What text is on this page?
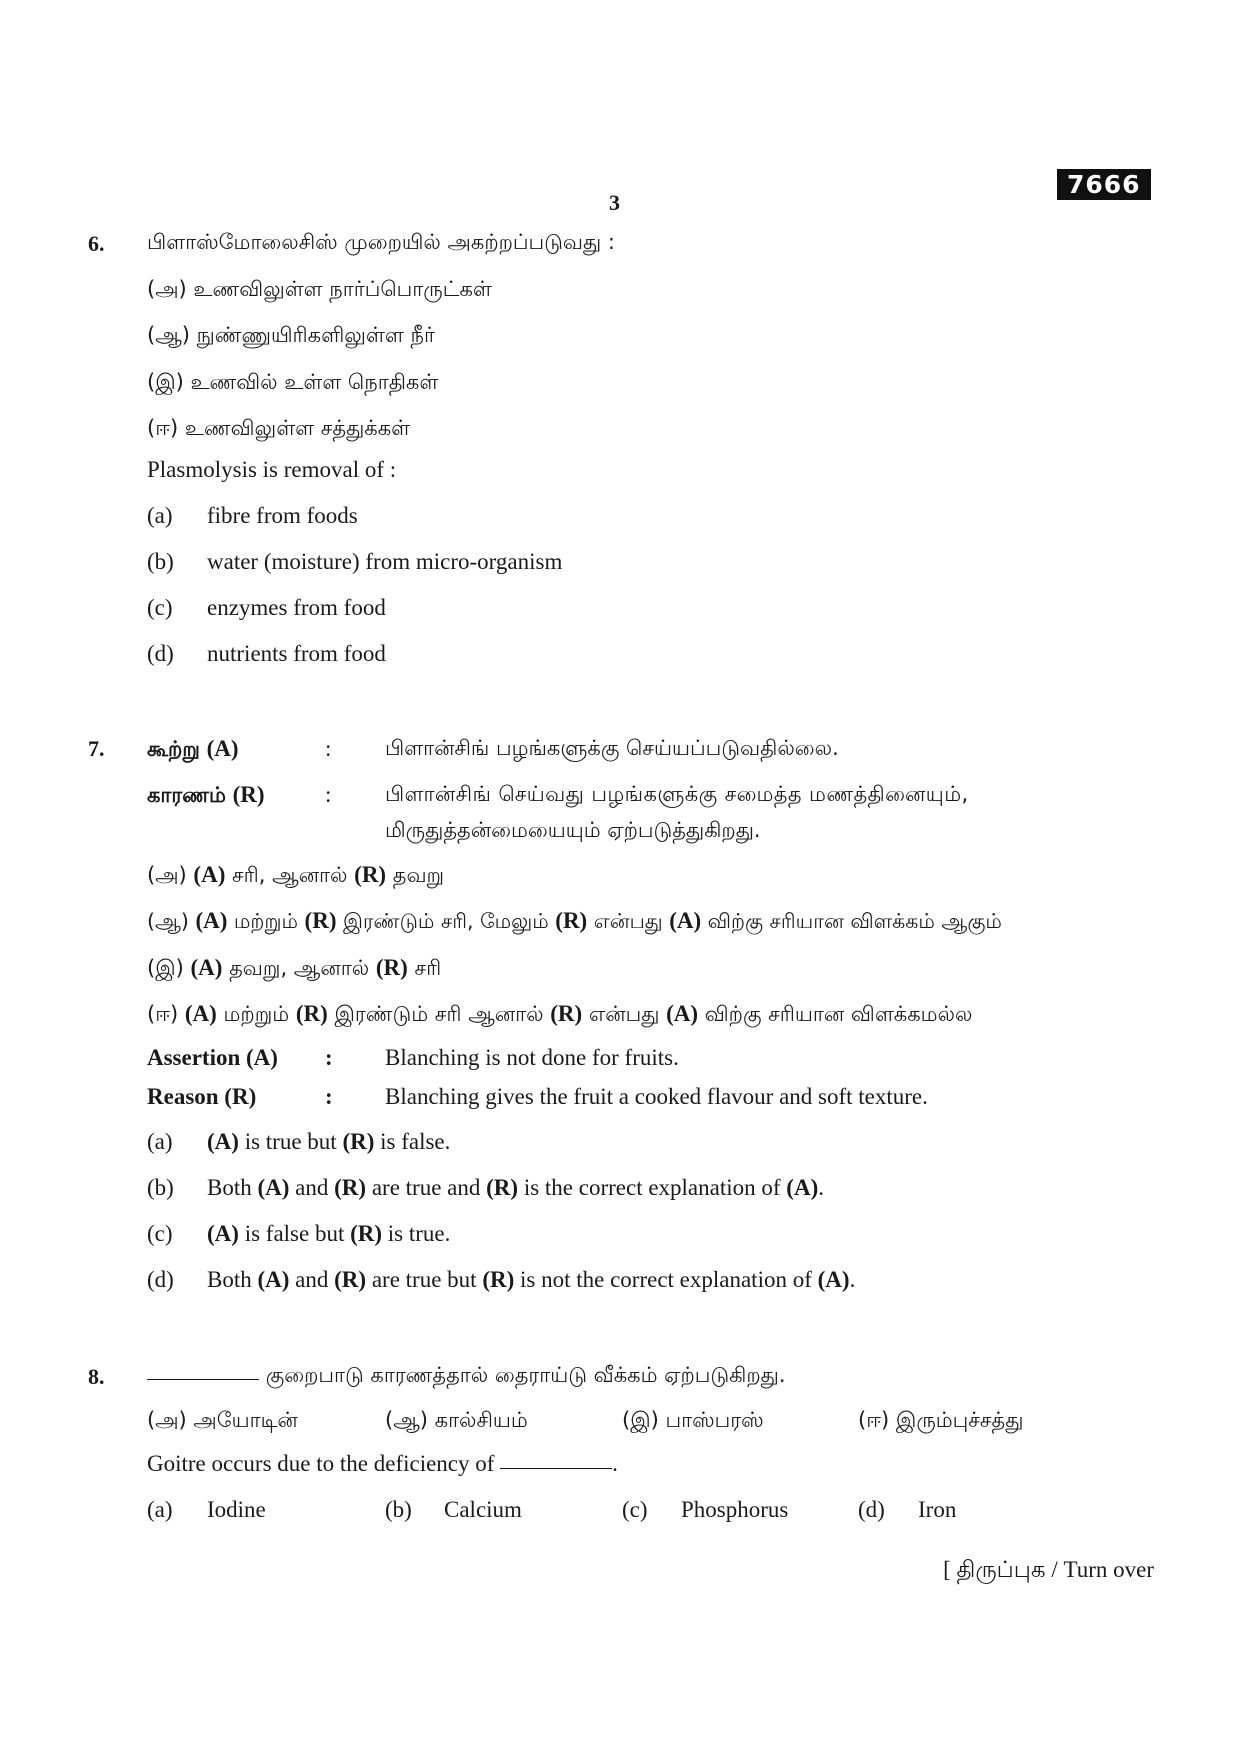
3
7666
6. பிளாஸ்மோலைசிஸ் முறையில் அகற்றப்படுவது :
(அ) உணவிலுள்ள நார்ப்பொருட்கள்
(ஆ) நுண்ணுயிரிகளிலுள்ள நீர்
(இ) உணவில் உள்ள நொதிகள்
(ஈ) உணவிலுள்ள சத்துக்கள்
Plasmolysis is removal of :
(a) fibre from foods
(b) water (moisture) from micro-organism
(c) enzymes from food
(d) nutrients from food
7. கூற்று (A)	:	பிளான்சிங் பழங்களுக்கு செய்யப்படுவதில்லை.
காரணம் (R)	:	பிளான்சிங் செய்வது பழங்களுக்கு சமைத்த மணத்தினையும்,
மிருதுத்தன்மையையும் ஏற்படுத்துகிறது.
(அ) (A) சரி, ஆனால் (R) தவறு
(ஆ) (A) மற்றும் (R) இரண்டும் சரி, மேலும் (R) என்பது (A) விற்கு சரியான விளக்கம் ஆகும்
(இ) (A) தவறு, ஆனால் (R) சரி
(ஈ) (A) மற்றும் (R) இரண்டும் சரி ஆனால் (R) என்பது (A) விற்கு சரியான விளக்கமல்ல
Assertion (A) : Blanching is not done for fruits.
Reason (R)	: Blanching gives the fruit a cooked flavour and soft texture.
(a) (A) is true but (R) is false.
(b) Both (A) and (R) are true and (R) is the correct explanation of (A).
(c) (A) is false but (R) is true.
(d) Both (A) and (R) are true but (R) is not the correct explanation of (A).
8.	குறைபாடு காரணத்தால் தைராய்டு வீக்கம் ஏற்படுகிறது.
(அ) அயோடின்	(ஆ) கால்சியம்	(இ) பாஸ்பரஸ்	(ஈ) இரும்புச்சத்து
Goitre occurs due to the deficiency of	.
(a) Iodine	(b) Calcium	(c) Phosphorus	(d) Iron
[ திருப்புக / Turn over
